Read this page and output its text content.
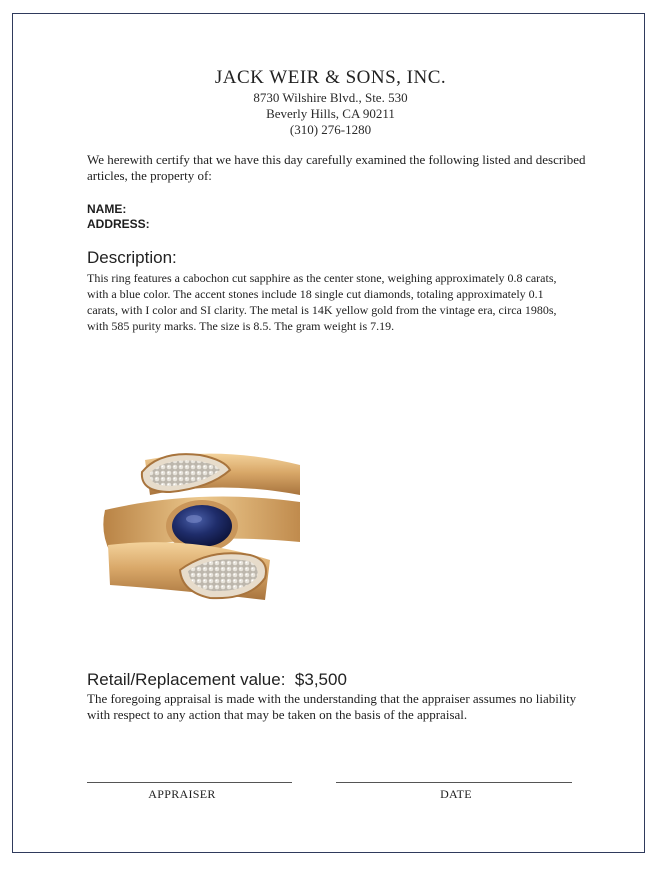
JACK WEIR & SONS, INC.
8730 Wilshire Blvd., Ste. 530
Beverly Hills, CA 90211
(310) 276-1280
We herewith certify that we have this day carefully examined the following listed and described articles, the property of:
NAME:
ADDRESS:
Description:
This ring features a cabochon cut sapphire as the center stone, weighing approximately 0.8 carats, with a blue color. The accent stones include 18 single cut diamonds, totaling approximately 0.1 carats, with I color and SI clarity. The metal is 14K yellow gold from the vintage era, circa 1980s, with 585 purity marks. The size is 8.5. The gram weight is 7.19.
Retail/Replacement value: $3,500
The foregoing appraisal is made with the understanding that the appraiser assumes no liability with respect to any action that may be taken on the basis of the appraisal.
APPRAISER	DATE
